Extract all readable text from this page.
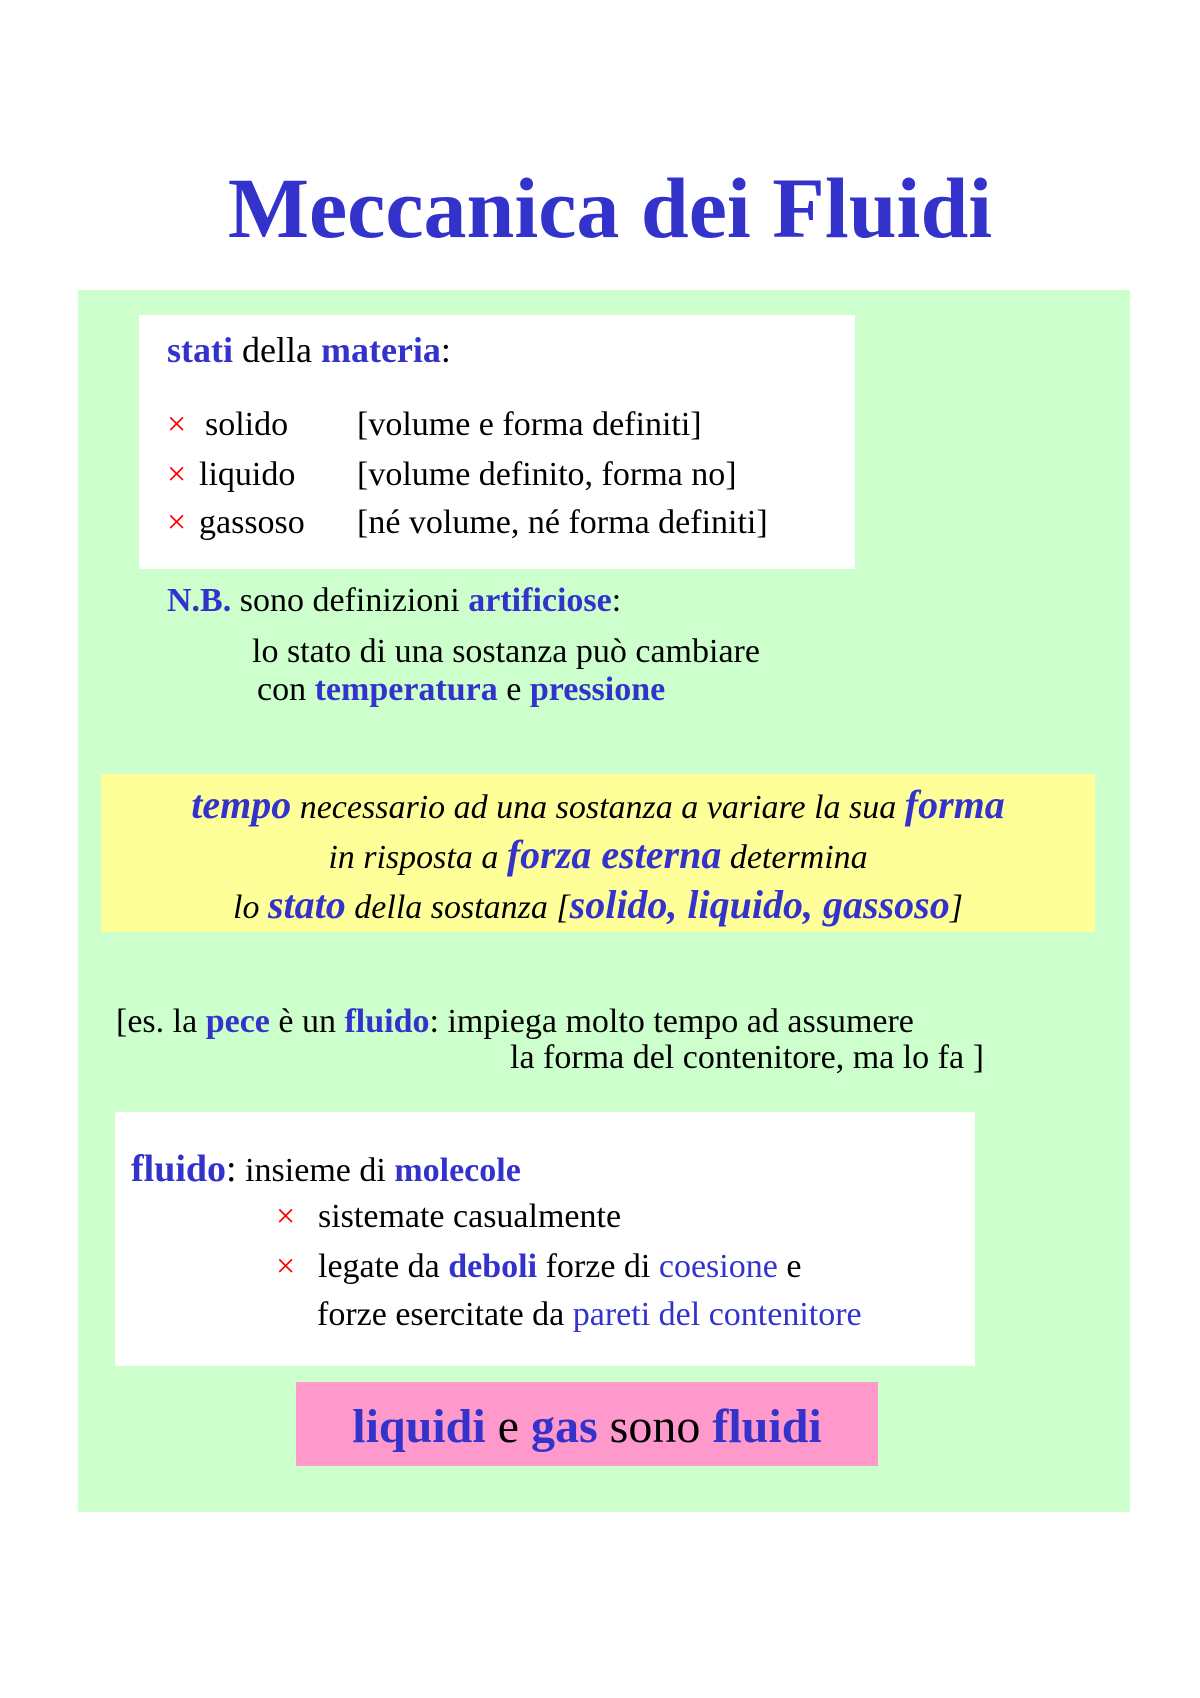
Meccanica dei Fluidi
stati della materia:
× solido [volume e forma definiti]
× liquido [volume definito, forma no]
× gassoso [né volume, né forma definiti]
N.B. sono definizioni artificiose:
lo stato di una sostanza può cambiare
con temperatura e pressione
tempo necessario ad una sostanza a variare la sua forma
in risposta a forza esterna determina
lo stato della sostanza [solido, liquido, gassoso]
[es. la pece è un fluido: impiega molto tempo ad assumere
la forma del contenitore, ma lo fa ]
fluido: insieme di molecole
× sistemate casualmente
× legate da deboli forze di coesione e
forze esercitate da pareti del contenitore
liquidi e gas sono fluidi
